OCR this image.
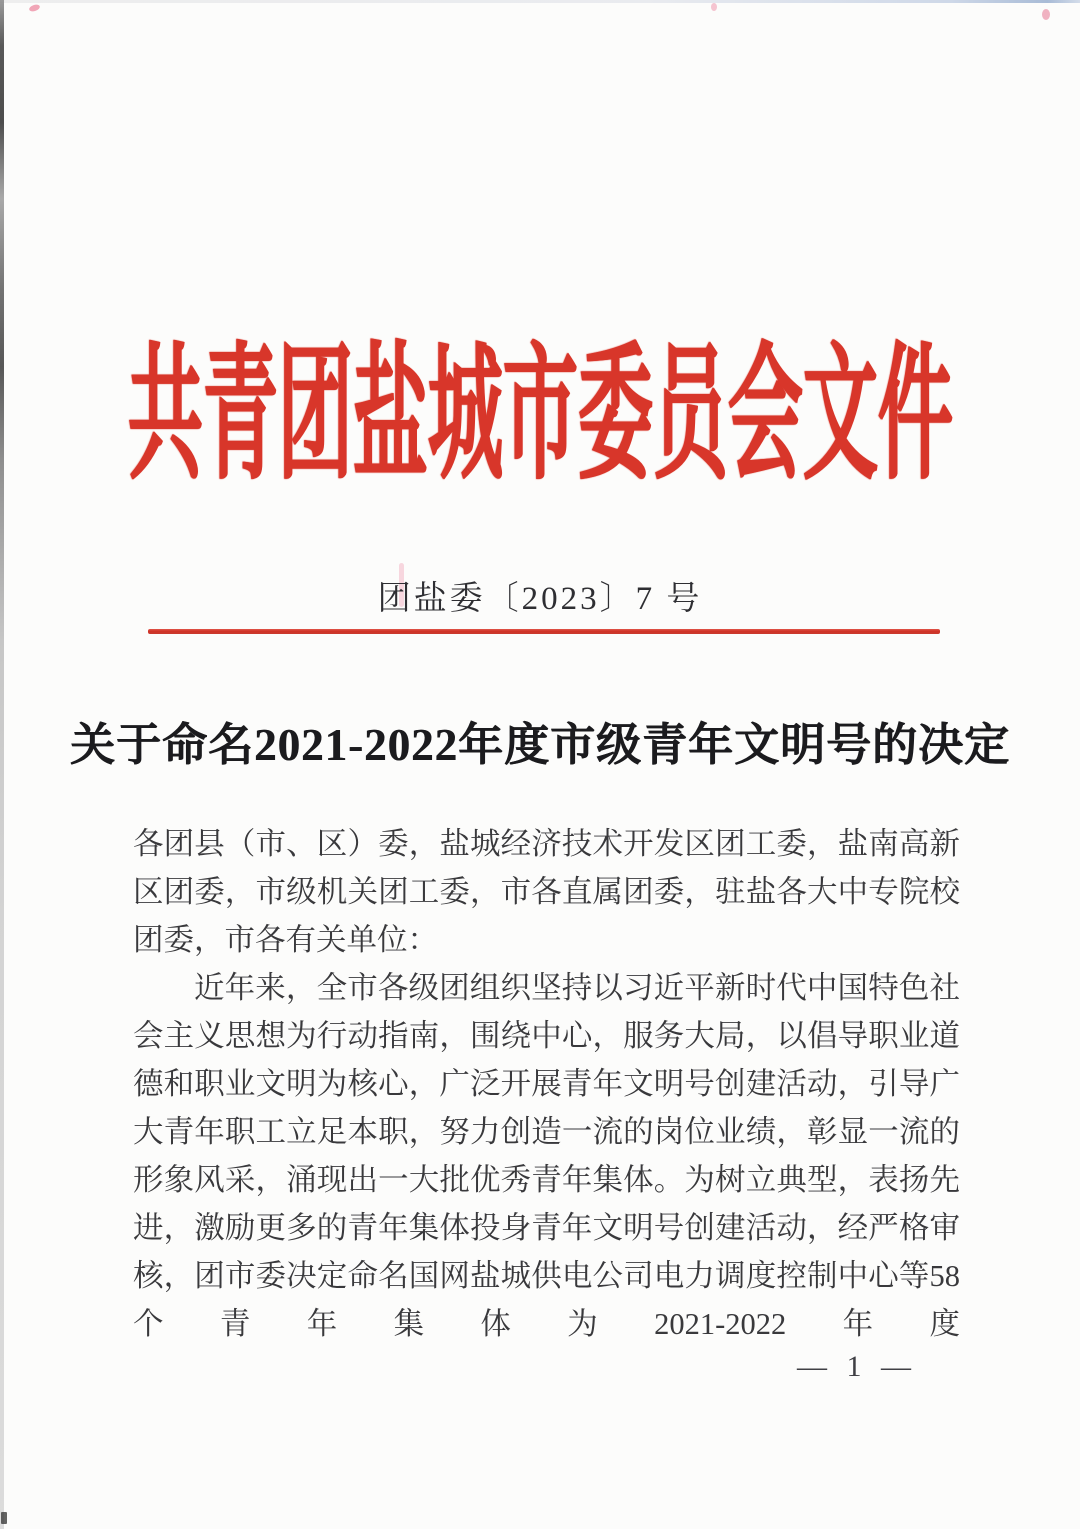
共青团盐城市委员会文件
团盐委〔2023〕7 号
关于命名2021-2022年度市级青年文明号的决定

各团县（市、区）委，盐城经济技术开发区团工委，盐南高新区团委，市级机关团工委，市各直属团委，驻盐各大中专院校团委，市各有关单位：

近年来，全市各级团组织坚持以习近平新时代中国特色社会主义思想为行动指南，围绕中心，服务大局，以倡导职业道德和职业文明为核心，广泛开展青年文明号创建活动，引导广大青年职工立足本职，努力创造一流的岗位业绩，彰显一流的形象风采，涌现出一大批优秀青年集体。为树立典型，表扬先进，激励更多的青年集体投身青年文明号创建活动，经严格审核，团市委决定命名国网盐城供电公司电力调度控制中心等58个青年集体为2021-2022年度

— 1 —
